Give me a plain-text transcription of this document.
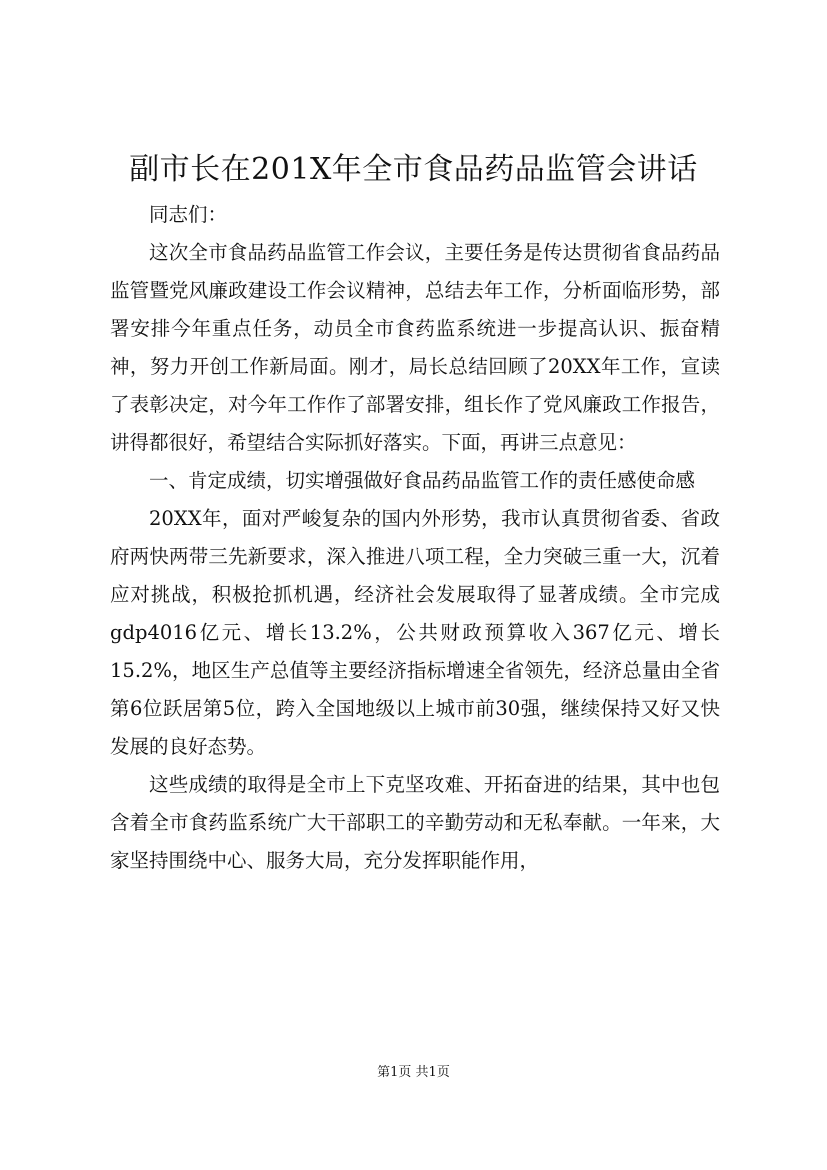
副市长在201X年全市食品药品监管会讲话

同志们：

这次全市食品药品监管工作会议，主要任务是传达贯彻省食品药品监管暨党风廉政建设工作会议精神，总结去年工作，分析面临形势，部署安排今年重点任务，动员全市食药监系统进一步提高认识、振奋精神，努力开创工作新局面。刚才，局长总结回顾了20XX年工作，宣读了表彰决定，对今年工作作了部署安排，组长作了党风廉政工作报告，讲得都很好，希望结合实际抓好落实。下面，再讲三点意见：

一、肯定成绩，切实增强做好食品药品监管工作的责任感使命感

20XX年，面对严峻复杂的国内外形势，我市认真贯彻省委、省政府两快两带三先新要求，深入推进八项工程，全力突破三重一大，沉着应对挑战，积极抢抓机遇，经济社会发展取得了显著成绩。全市完成gdp4016亿元、增长13.2%，公共财政预算收入367亿元、增长15.2%，地区生产总值等主要经济指标增速全省领先，经济总量由全省第6位跃居第5位，跨入全国地级以上城市前30强，继续保持又好又快发展的良好态势。

这些成绩的取得是全市上下克坚攻难、开拓奋进的结果，其中也包含着全市食药监系统广大干部职工的辛勤劳动和无私奉献。一年来，大家坚持围绕中心、服务大局，充分发挥职能作用，

第1页 共1页
